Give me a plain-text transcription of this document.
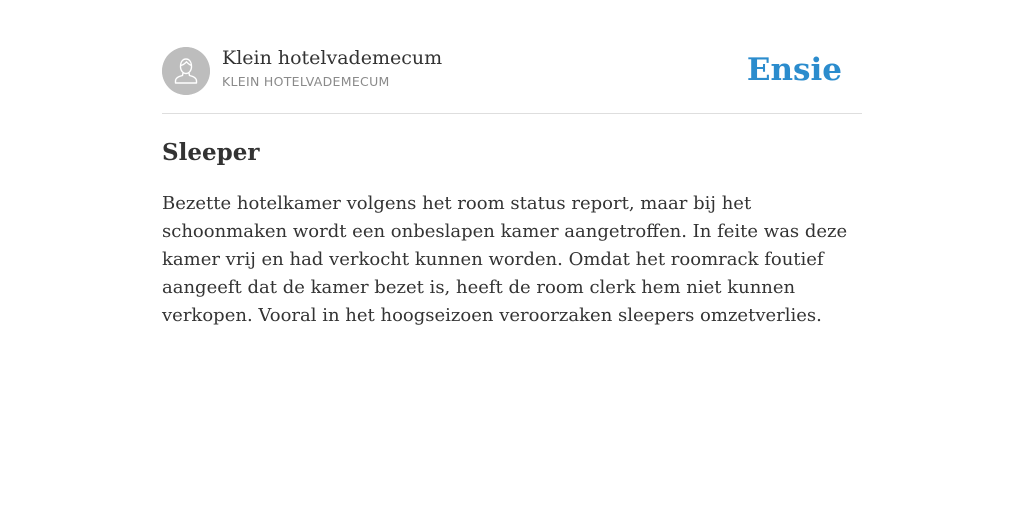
Klein hotelvademecum
KLEIN HOTELVADEMECUM	Ensie
Sleeper

Bezette hotelkamer volgens het room status report, maar bij het schoonmaken wordt een onbeslapen kamer aangetroffen. In feite was deze kamer vrij en had verkocht kunnen worden. Omdat het roomrack foutief aangeeft dat de kamer bezet is, heeft de room clerk hem niet kunnen verkopen. Vooral in het hoogseizoen veroorzaken sleepers omzetverlies.
